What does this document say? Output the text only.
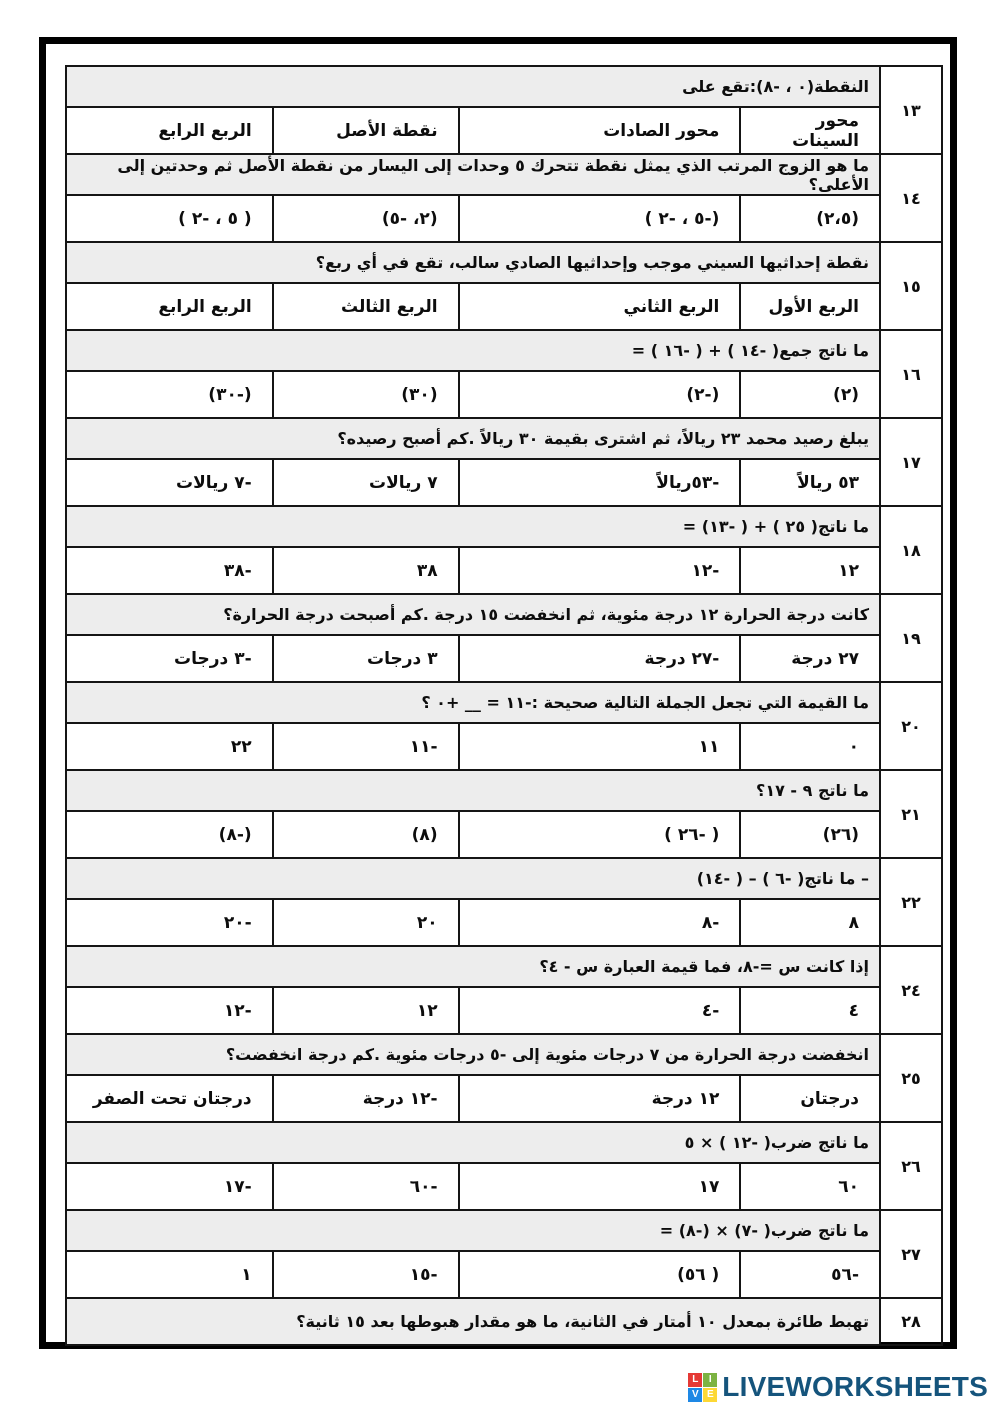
١٣
النقطة(٠ ، -٨):تقع على
محور السينات
محور الصادات
نقطة الأصل
الربع الرابع
١٤
ما هو الزوج المرتب الذي يمثل نقطة تتحرك ٥ وحدات إلى اليسار من نقطة الأصل ثم وحدتين إلى الأعلى؟
(٢،٥)
(-٥ ، -٢ )
(٢، -٥)
( ٥ ، -٢ )
١٥
نقطة إحداثيها السيني موجب وإحداثيها الصادي سالب، تقع في أي ربع؟
الربع الأول
الربع الثاني
الربع الثالث
الربع الرابع
١٦
ما ناتج جمع( -١٤ ) + ( -١٦ ) =
(٢)
(-٢)
(٣٠)
(-٣٠)
١٧
يبلغ رصيد محمد ٢٣ ريالاً، ثم اشترى بقيمة ٣٠ ريالاً .كم أصبح رصيده؟
٥٣ ريالاً
-٥٣ريالاً
٧ ريالات
-٧ ريالات
١٨
ما ناتج( ٢٥ ) + ( -١٣) =
١٢
-١٢
٣٨
-٣٨
١٩
كانت درجة الحرارة ١٢ درجة مئوية، ثم انخفضت ١٥ درجة .كم أصبحت درجة الحرارة؟
٢٧ درجة
-٢٧ درجة
٣ درجات
-٣ درجات
٢٠
ما القيمة التي تجعل الجملة التالية صحيحة :-١١ = __ +٠ ؟
٠
١١
-١١
٢٢
٢١
ما ناتج ٩ - ١٧؟
(٢٦)
( -٢٦ )
(٨)
(-٨)
٢٢
– ما ناتج( -٦ ) – ( -١٤)
٨
-٨
٢٠
-٢٠
٢٤
إذا كانت س =-٨، فما قيمة العبارة س - ٤؟
٤
-٤
١٢
-١٢
٢٥
انخفضت درجة الحرارة من ٧ درجات مئوية إلى -٥ درجات مئوية .كم درجة انخفضت؟
درجتان
١٢ درجة
-١٢ درجة
درجتان تحت الصفر
٢٦
ما ناتج ضرب( -١٢ ) × ٥
٦٠
١٧
-٦٠
-١٧
٢٧
ما ناتج ضرب( -٧) × (-٨) =
-٥٦
( ٥٦)
-١٥
١
٢٨
تهبط طائرة بمعدل ١٠ أمتار في الثانية، ما هو مقدار هبوطها بعد ١٥ ثانية؟
L	I
V E LIVEWORKSHEETS
